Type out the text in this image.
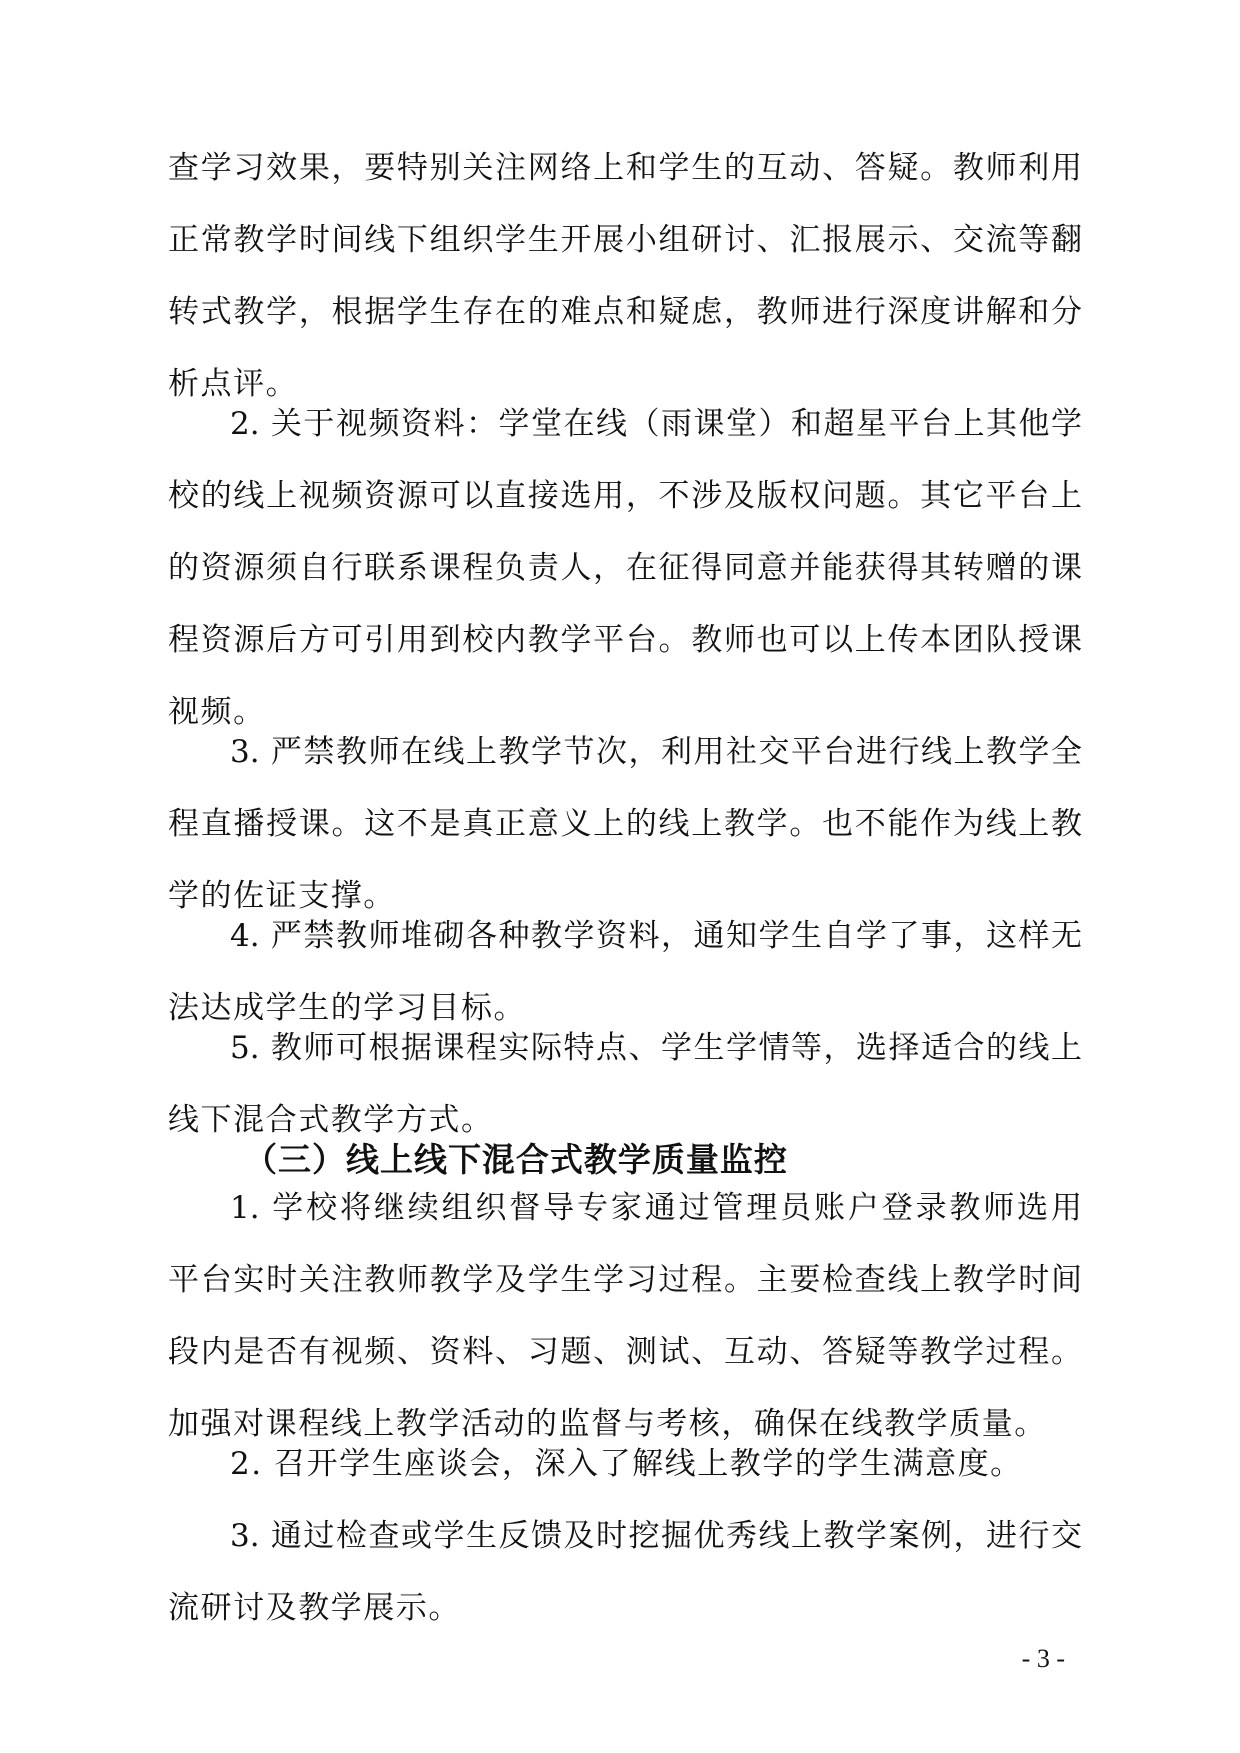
查学习效果，要特别关注网络上和学生的互动、答疑。教师利用
正常教学时间线下组织学生开展小组研讨、汇报展示、交流等翻
转式教学，根据学生存在的难点和疑虑，教师进行深度讲解和分
析点评。
2. 关于视频资料：学堂在线（雨课堂）和超星平台上其他学
校的线上视频资源可以直接选用，不涉及版权问题。其它平台上
的资源须自行联系课程负责人，在征得同意并能获得其转赠的课
程资源后方可引用到校内教学平台。教师也可以上传本团队授课
视频。
3. 严禁教师在线上教学节次，利用社交平台进行线上教学全
程直播授课。这不是真正意义上的线上教学。也不能作为线上教
学的佐证支撑。
4. 严禁教师堆砌各种教学资料，通知学生自学了事，这样无
法达成学生的学习目标。
5. 教师可根据课程实际特点、学生学情等，选择适合的线上
线下混合式教学方式。
（三）线上线下混合式教学质量监控
1. 学校将继续组织督导专家通过管理员账户登录教师选用
平台实时关注教师教学及学生学习过程。主要检查线上教学时间
段内是否有视频、资料、习题、测试、互动、答疑等教学过程。
加强对课程线上教学活动的监督与考核，确保在线教学质量。
2. 召开学生座谈会，深入了解线上教学的学生满意度。
3. 通过检查或学生反馈及时挖掘优秀线上教学案例，进行交
流研讨及教学展示。
- 3 -
